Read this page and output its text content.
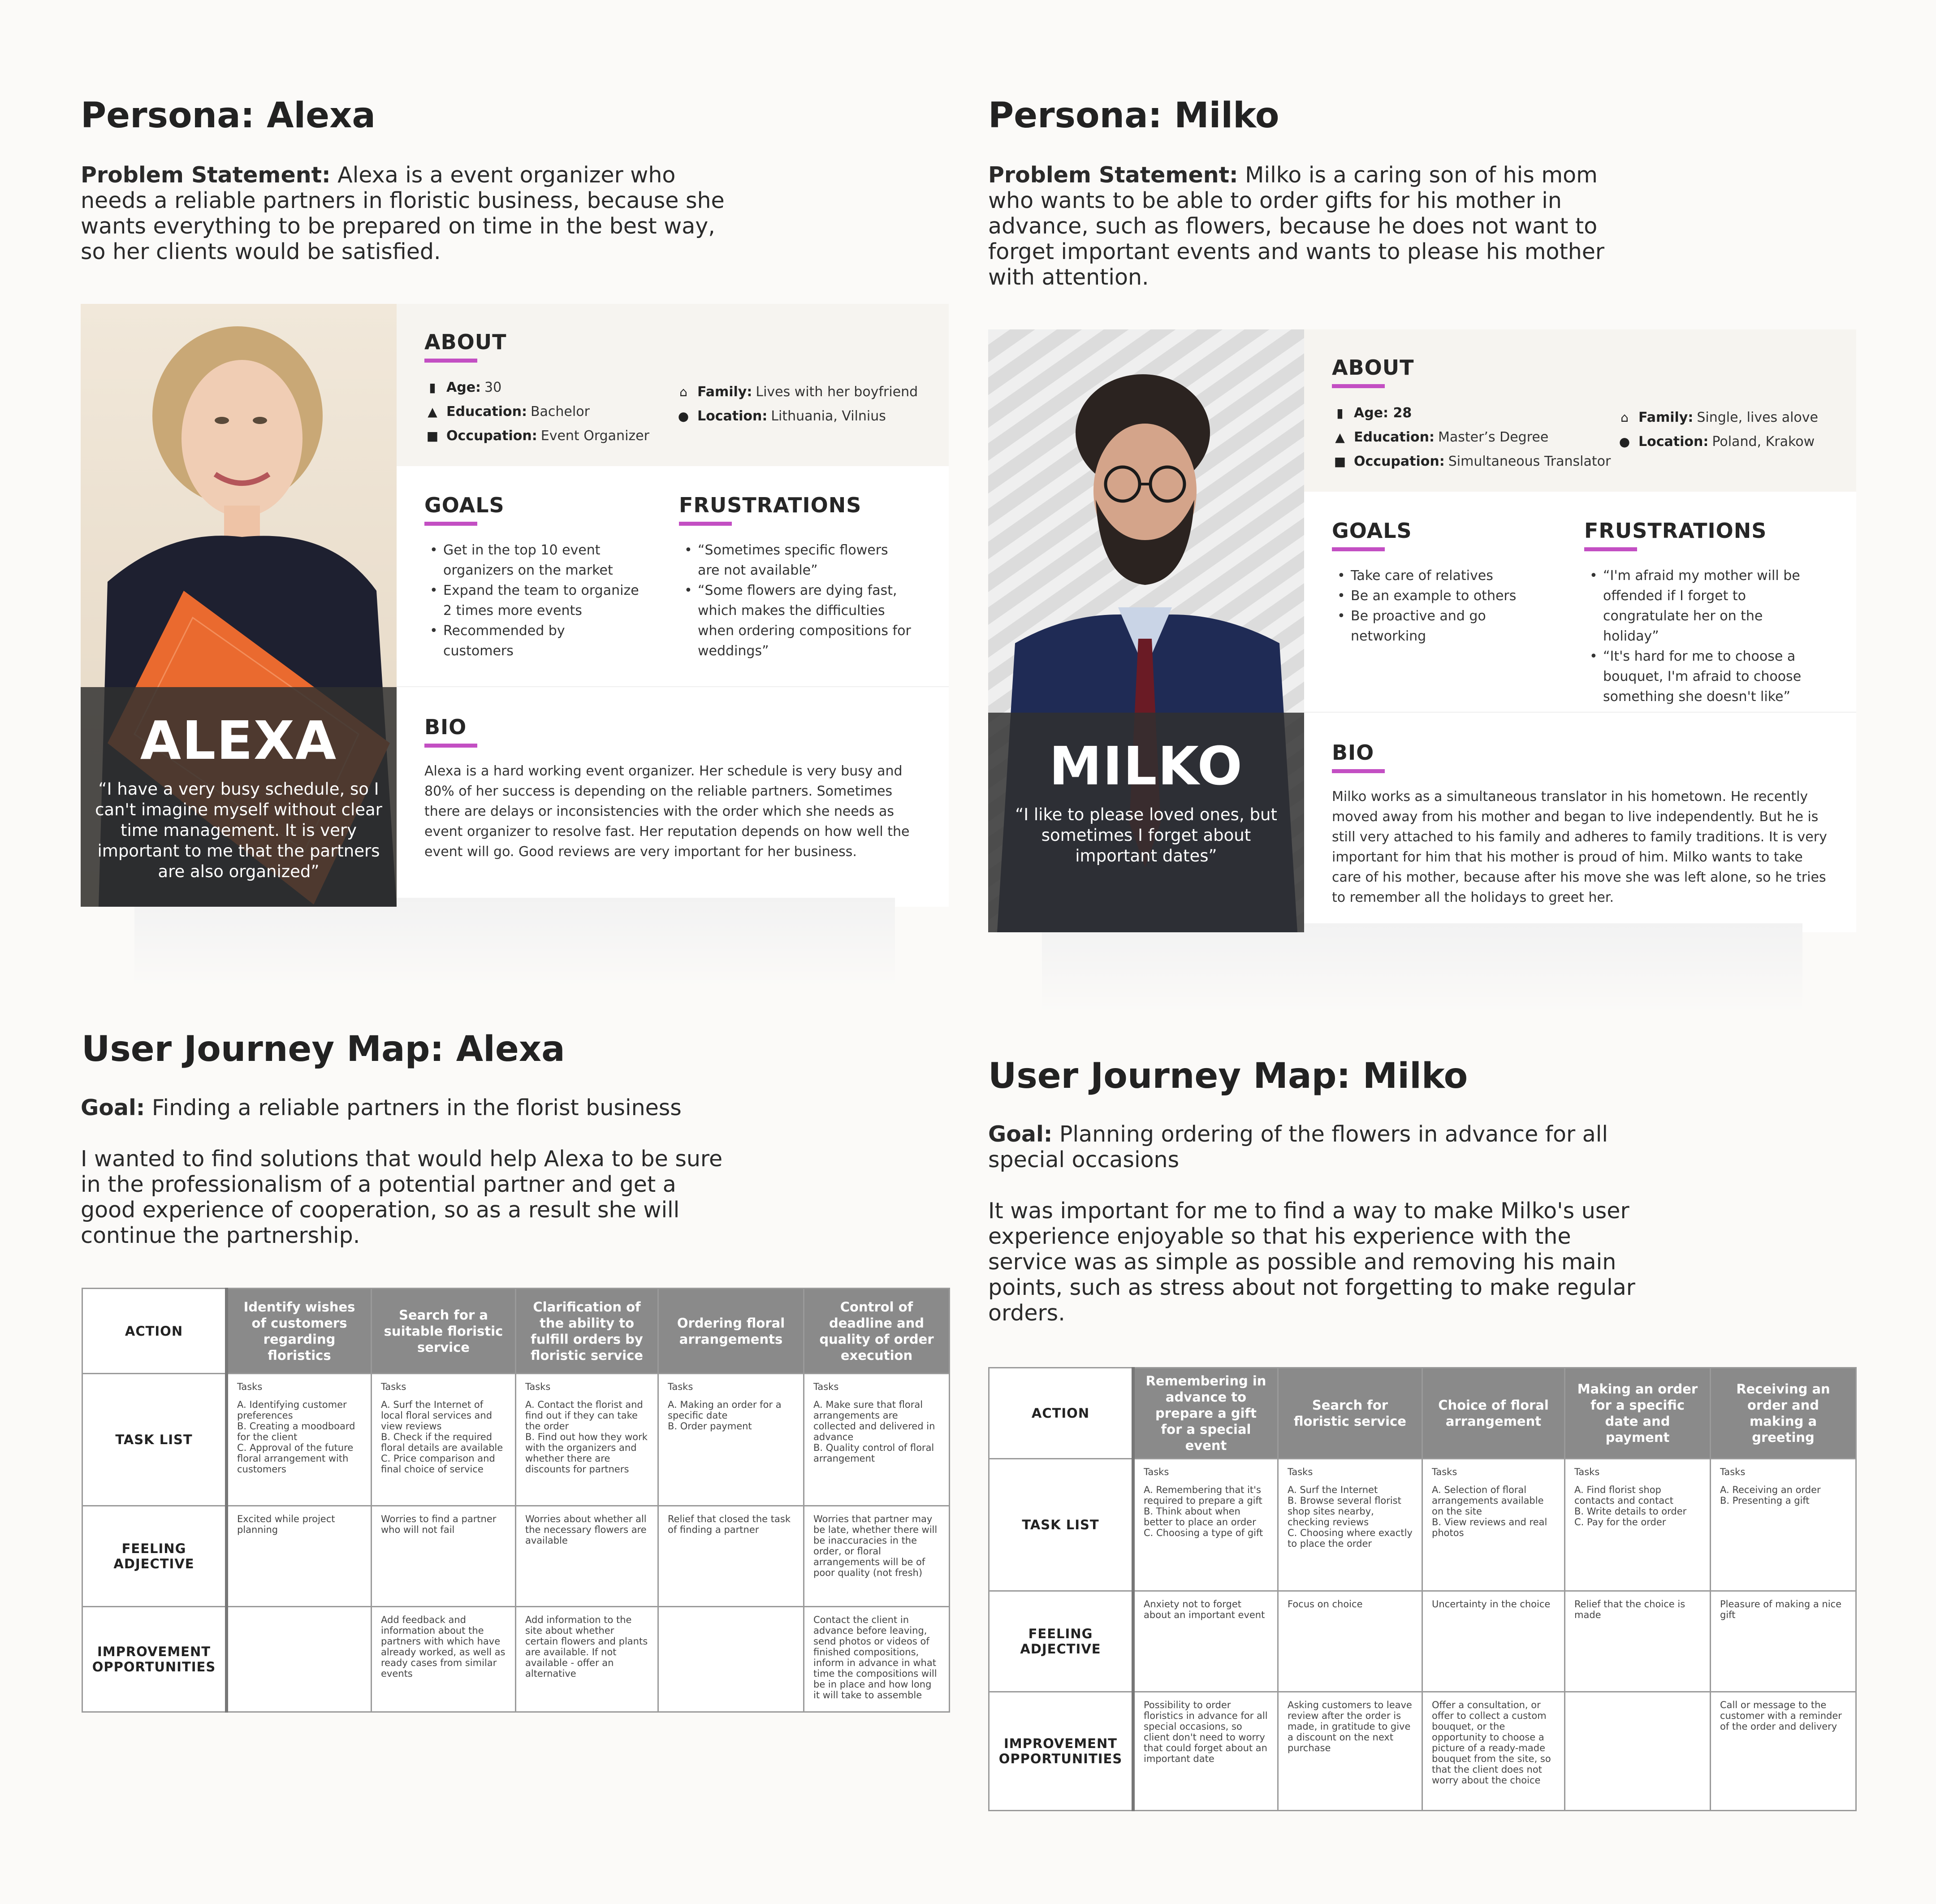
Persona: Alexa
Problem Statement: Alexa is a event organizer who needs a reliable partners in floristic business, because she wants everything to be prepared on time in the best way, so her clients would be satisfied.
ALEXA
“I have a very busy schedule, so I can't imagine myself without clear time management. It is very important to me that the partners are also organized”
ABOUT
▮ Age: 30
▲ Education: Bachelor
■ Occupation: Event Organizer
⌂ Family: Lives with her boyfriend
● Location: Lithuania, Vilnius
GOALS
• Get in the top 10 event organizers on the market
• Expand the team to organize 2 times more events
• Recommended by customers
FRUSTRATIONS
• “Sometimes specific flowers are not available”
• “Some flowers are dying fast, which makes the difficulties when ordering compositions for weddings”
BIO
Alexa is a hard working event organizer. Her schedule is very busy and 80% of her success is depending on the reliable partners. Sometimes there are delays or inconsistencies with the order which she needs as event organizer to resolve fast. Her reputation depends on how well the event will go. Good reviews are very important for her business.
Persona: Milko
Problem Statement: Milko is a caring son of his mom who wants to be able to order gifts for his mother in advance, such as flowers, because he does not want to forget important events and wants to please his mother with attention.
MILKO
“I like to please loved ones, but sometimes I forget about important dates”
ABOUT
▮ Age: 28
▲ Education: Master’s Degree
■ Occupation: Simultaneous Translator
⌂ Family: Single, lives alove
● Location: Poland, Krakow
GOALS
• Take care of relatives
• Be an example to others
• Be proactive and go networking
FRUSTRATIONS
• “I'm afraid my mother will be offended if I forget to congratulate her on the holiday”
• “It's hard for me to choose a bouquet, I'm afraid to choose something she doesn't like”
BIO
Milko works as a simultaneous translator in his hometown. He recently moved away from his mother and began to live independently. But he is still very attached to his family and adheres to family traditions. It is very important for him that his mother is proud of him. Milko wants to take care of his mother, because after his move she was left alone, so he tries to remember all the holidays to greet her.
User Journey Map: Alexa
Goal: Finding a reliable partners in the florist business
I wanted to find solutions that would help Alexa to be sure in the professionalism of a potential partner and get a good experience of cooperation, so as a result she will continue the partnership.
ACTION	Identify wishes of customers regarding floristics	Search for a suitable floristic service	Clarification of the ability to fulfill orders by floristic service	Ordering floral arrangements	Control of deadline and quality of order execution
TASK LIST	Tasks
A. Identifying customer preferences
B. Creating a moodboard for the client
C. Approval of the future floral arrangement with customers	Tasks
A. Surf the Internet of local floral services and view reviews
B. Check if the required floral details are available
C. Price comparison and final choice of service	Tasks
A. Contact the florist and find out if they can take the order
B. Find out how they work with the organizers and whether there are discounts for partners	Tasks
A. Making an order for a specific date
B. Order payment	Tasks
A. Make sure that floral arrangements are collected and delivered in advance
B. Quality control of floral arrangement
FEELING ADJECTIVE	Excited while project planning	Worries to find a partner who will not fail	Worries about whether all the necessary flowers are available	Relief that closed the task of finding a partner	Worries that partner may be late, whether there will be inaccuracies in the order, or floral arrangements will be of poor quality (not fresh)
IMPROVEMENT OPPORTUNITIES		Add feedback and information about the partners with which have already worked, as well as ready cases from similar events	Add information to the site about whether certain flowers and plants are available. If not available - offer an alternative		Contact the client in advance before leaving, send photos or videos of finished compositions, inform in advance in what time the compositions will be in place and how long it will take to assemble
User Journey Map: Milko
Goal: Planning ordering of the flowers in advance for all special occasions
It was important for me to find a way to make Milko's user experience enjoyable so that his experience with the service was as simple as possible and removing his main points, such as stress about not forgetting to make regular orders.
ACTION	Remembering in advance to prepare a gift for a special event	Search for floristic service	Choice of floral arrangement	Making an order for a specific date and payment	Receiving an order and making a greeting
TASK LIST	Tasks
A. Remembering that it's required to prepare a gift
B. Think about when better to place an order
C. Choosing a type of gift	Tasks
A. Surf the Internet
B. Browse several florist shop sites nearby, checking reviews
C. Choosing where exactly to place the order	Tasks
A. Selection of floral arrangements available on the site
B. View reviews and real photos	Tasks
A. Find florist shop contacts and contact
B. Write details to order
C. Pay for the order	Tasks
A. Receiving an order
B. Presenting a gift
FEELING ADJECTIVE	Anxiety not to forget about an important event	Focus on choice	Uncertainty in the choice	Relief that the choice is made	Pleasure of making a nice gift
IMPROVEMENT OPPORTUNITIES	Possibility to order floristics in advance for all special occasions, so client don't need to worry that could forget about an important date	Asking customers to leave review after the order is made, in gratitude to give a discount on the next purchase	Offer a consultation, or offer to collect a custom bouquet, or the opportunity to choose a picture of a ready-made bouquet from the site, so that the client does not worry about the choice		Call or message to the customer with a reminder of the order and delivery
